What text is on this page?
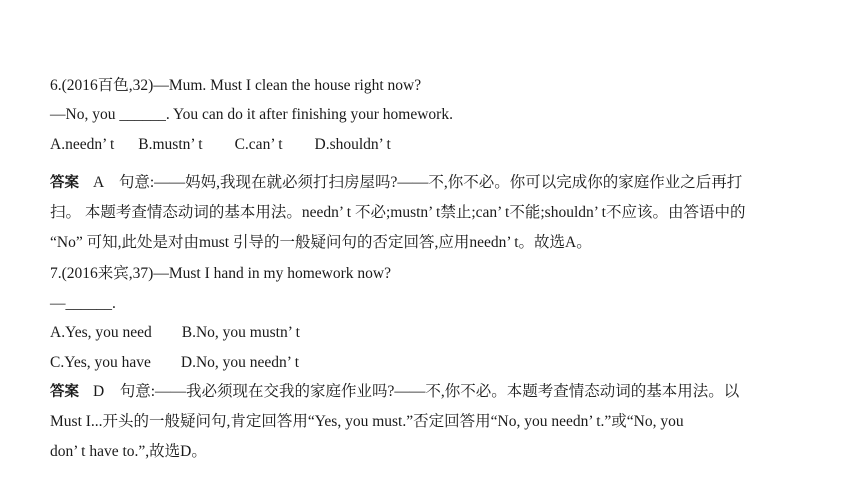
6.(2016百色,32)—Mum. Must I clean the house right now?
—No, you ______. You can do it after finishing your homework.
A.needn’ t B.mustn’ t C.can’ t D.shouldn’ t
答案 A　句意:——妈妈,我现在就必须打扫房屋吗?——不,你不必。你可以完成你的家庭作业之后再打
扫。 本题考查情态动词的基本用法。needn’ t 不必;mustn’ t禁止;can’ t不能;shouldn’ t不应该。由答语中的
“No” 可知,此处是对由must 引导的一般疑问句的否定回答,应用needn’ t。故选A。
7.(2016来宾,37)—Must I hand in my homework now?
—______.
A.Yes, you need B.No, you mustn’ t
C.Yes, you have D.No, you needn’ t
答案 D　句意:——我必须现在交我的家庭作业吗?——不,你不必。本题考查情态动词的基本用法。以
Must I...开头的一般疑问句,肯定回答用“Yes, you must.”否定回答用“No, you needn’ t.”或“No, you
don’ t have to.”,故选D。
